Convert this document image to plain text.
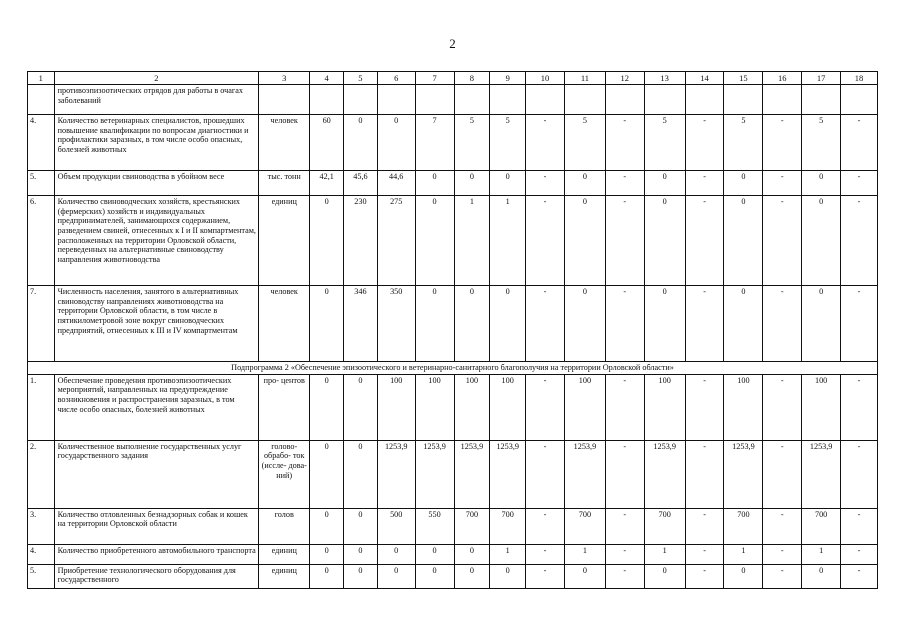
2
1	2	3	4	5	6	7	8	9	10	11	12	13	14	15	16	17	18
	противоэпизоотических отрядов для работы в очагах заболеваний																
4.	Количество ветеринарных специалистов, прошедших повышение квалификации по вопросам диагностики и профилактики заразных, в том числе особо опасных, болезней животных	человек	60	0	0	7	5	5	-	5	-	5	-	5	-	5	-
5.	Объем продукции свиноводства в убойном весе	тыс. тонн	42,1	45,6	44,6	0	0	0	-	0	-	0	-	0	-	0	-
6.	Количество свиноводческих хозяйств, крестьянских (фермерских) хозяйств и индивидуальных предпринимателей, занимающихся содержанием, разведением свиней, отнесенных к I и II компартментам, расположенных на территории Орловской области, переведенных на альтернативные свиноводству направления животноводства	единиц	0	230	275	0	1	1	-	0	-	0	-	0	-	0	-
7.	Численность населения, занятого в альтернативных свиноводству направлениях животноводства на территории Орловской области, в том числе в пятикилометровой зоне вокруг свиноводческих предприятий, отнесенных к III и IV компартментам	человек	0	346	350	0	0	0	-	0	-	0	-	0	-	0	-
Подпрограмма 2 «Обеспечение эпизоотического и ветеринарно-санитарного благополучия на территории Орловской области»																	
1.	Обеспечение проведения противоэпизоотических мероприятий, направленных на предупреждение возникновения и распространения заразных, в том числе особо опасных, болезней животных	про- центов	0	0	100	100	100	100	-	100	-	100	-	100	-	100	-
2.	Количественное выполнение государственных услуг государственного задания	голово- обрабо- ток (иссле- дова- ний)	0	0	1253,9	1253,9	1253,9	1253,9	-	1253,9	-	1253,9	-	1253,9	-	1253,9	-
3.	Количество отловленных безнадзорных собак и кошек на территории Орловской области	голов	0	0	500	550	700	700	-	700	-	700	-	700	-	700	-
4.	Количество приобретенного автомобильного транспорта	единиц	0	0	0	0	0	1	-	1	-	1	-	1	-	1	-
5.	Приобретение технологического оборудования для государственного	единиц	0	0	0	0	0	0	-	0	-	0	-	0	-	0	-
